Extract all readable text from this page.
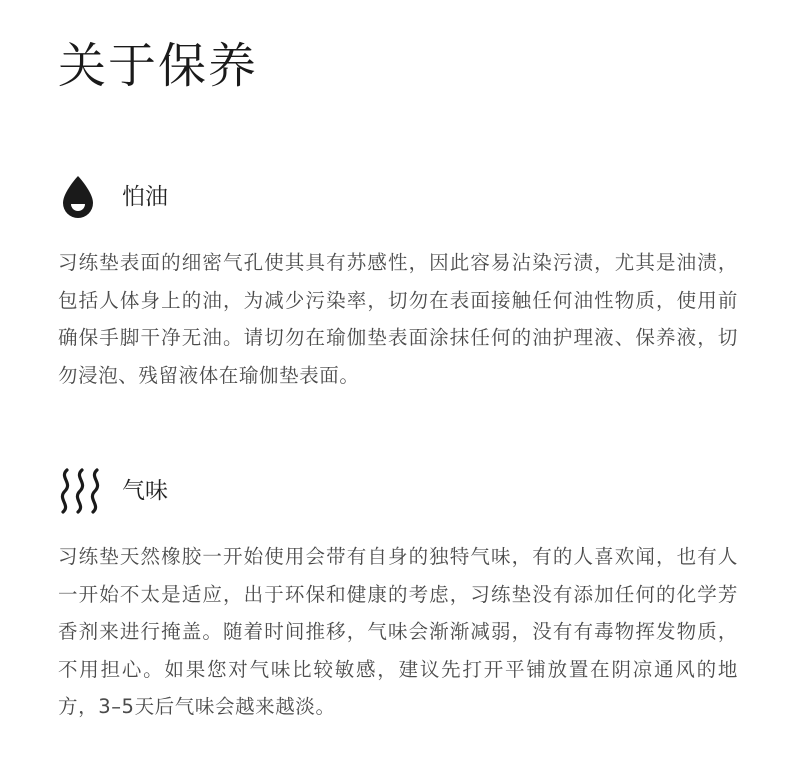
关于保养
怕油
习练垫表面的细密气孔使其具有苏感性，因此容易沾染污渍，尤其是油渍，包括人体身上的油，为减少污染率，切勿在表面接触任何油性物质，使用前确保手脚干净无油。请切勿在瑜伽垫表面涂抹任何的油护理液、保养液，切勿浸泡、残留液体在瑜伽垫表面。
气味
习练垫天然橡胶一开始使用会带有自身的独特气味，有的人喜欢闻，也有人一开始不太是适应，出于环保和健康的考虑，习练垫没有添加任何的化学芳香剂来进行掩盖。随着时间推移，气味会渐渐减弱，没有有毒物挥发物质，不用担心。如果您对气味比较敏感，建议先打开平铺放置在阴凉通风的地方，3–5天后气味会越来越淡。
